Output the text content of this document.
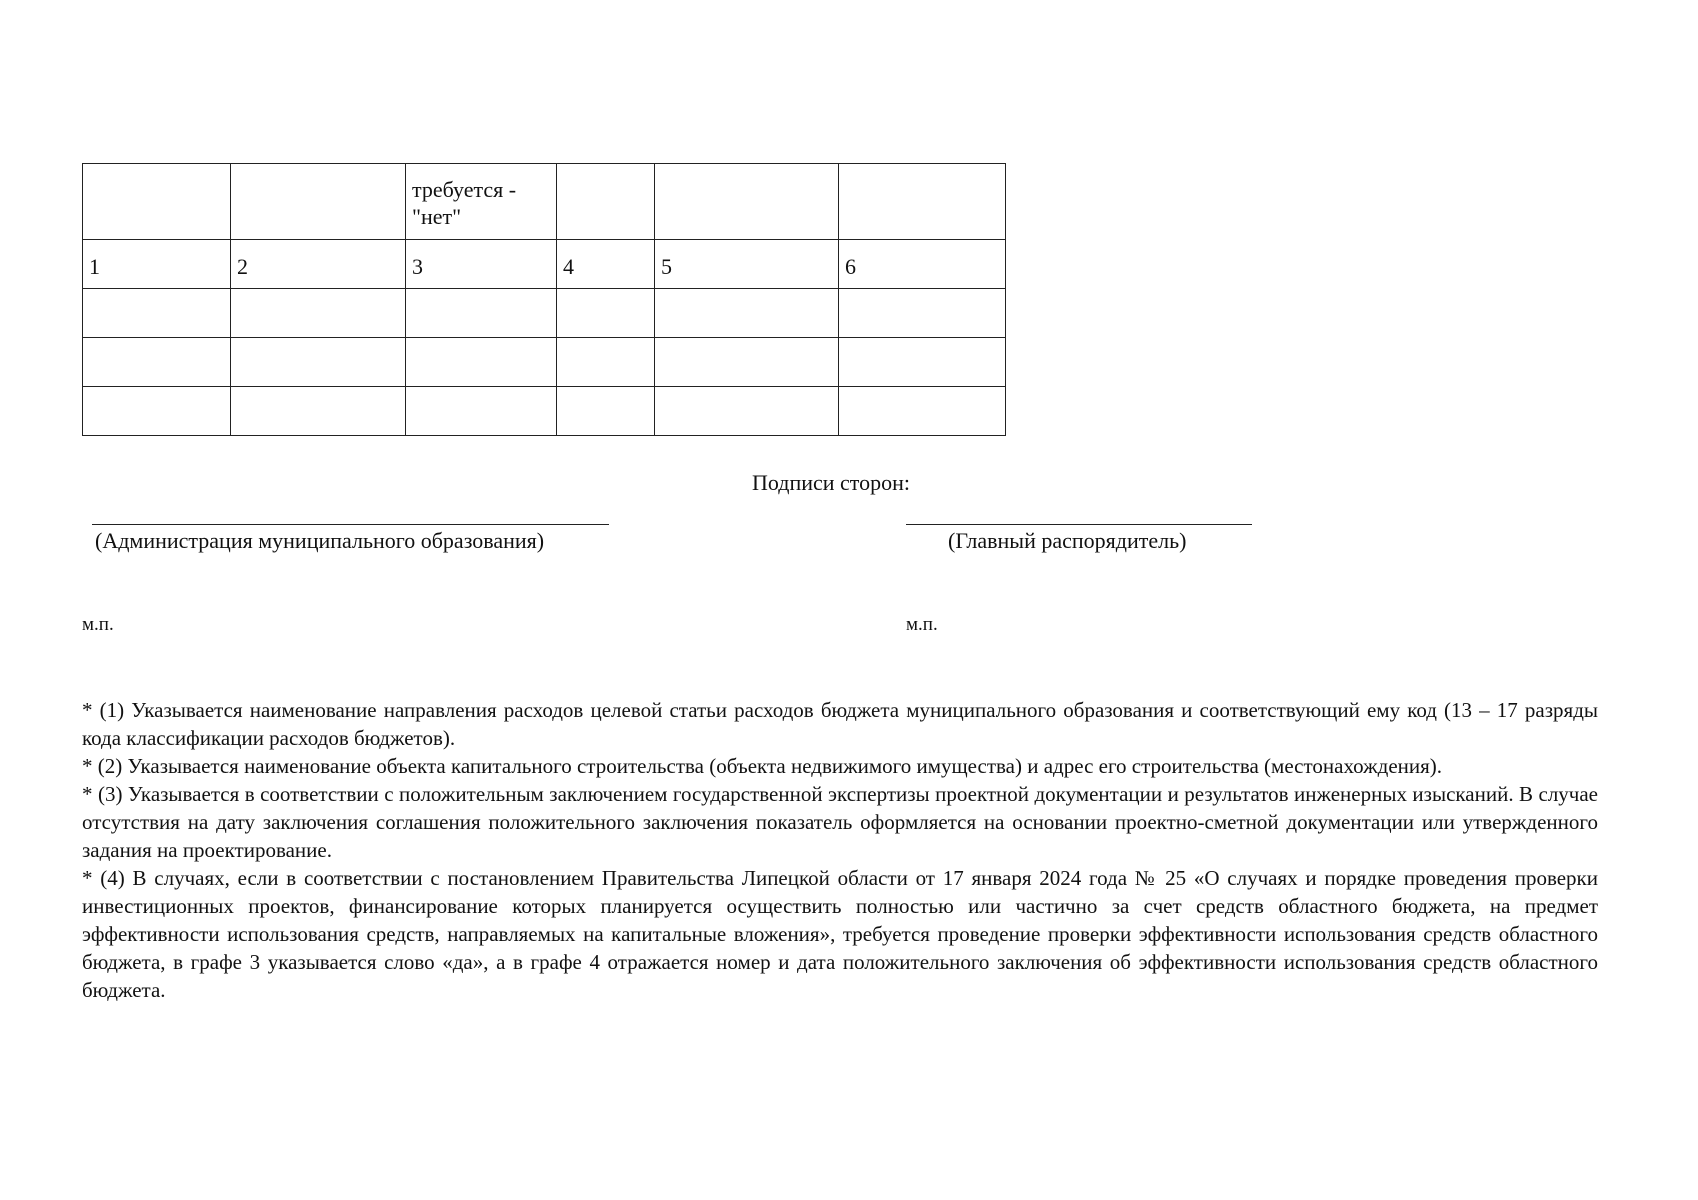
		требуется -
"нет"			
1	2	3	4	5	6

Подписи сторон:
(Администрация муниципального образования)	(Главный распорядитель)
м.п.	м.п.

* (1) Указывается наименование направления расходов целевой статьи расходов бюджета муниципального образования и соответствующий ему код (13 – 17 разряды кода классификации расходов бюджетов).

* (2) Указывается наименование объекта капитального строительства (объекта недвижимого имущества) и адрес его строительства (местонахождения).

* (3) Указывается в соответствии с положительным заключением государственной экспертизы проектной документации и результатов инженерных изысканий. В случае отсутствия на дату заключения соглашения положительного заключения показатель оформляется на основании проектно-сметной документации или утвержденного задания на проектирование.

* (4) В случаях, если в соответствии с постановлением Правительства Липецкой области от 17 января 2024 года № 25 «О случаях и порядке проведения проверки инвестиционных проектов, финансирование которых планируется осуществить полностью или частично за счет средств областного бюджета, на предмет эффективности использования средств, направляемых на капитальные вложения», требуется проведение проверки эффективности использования средств областного бюджета, в графе 3 указывается слово «да», а в графе 4 отражается номер и дата положительного заключения об эффективности использования средств областного бюджета.
